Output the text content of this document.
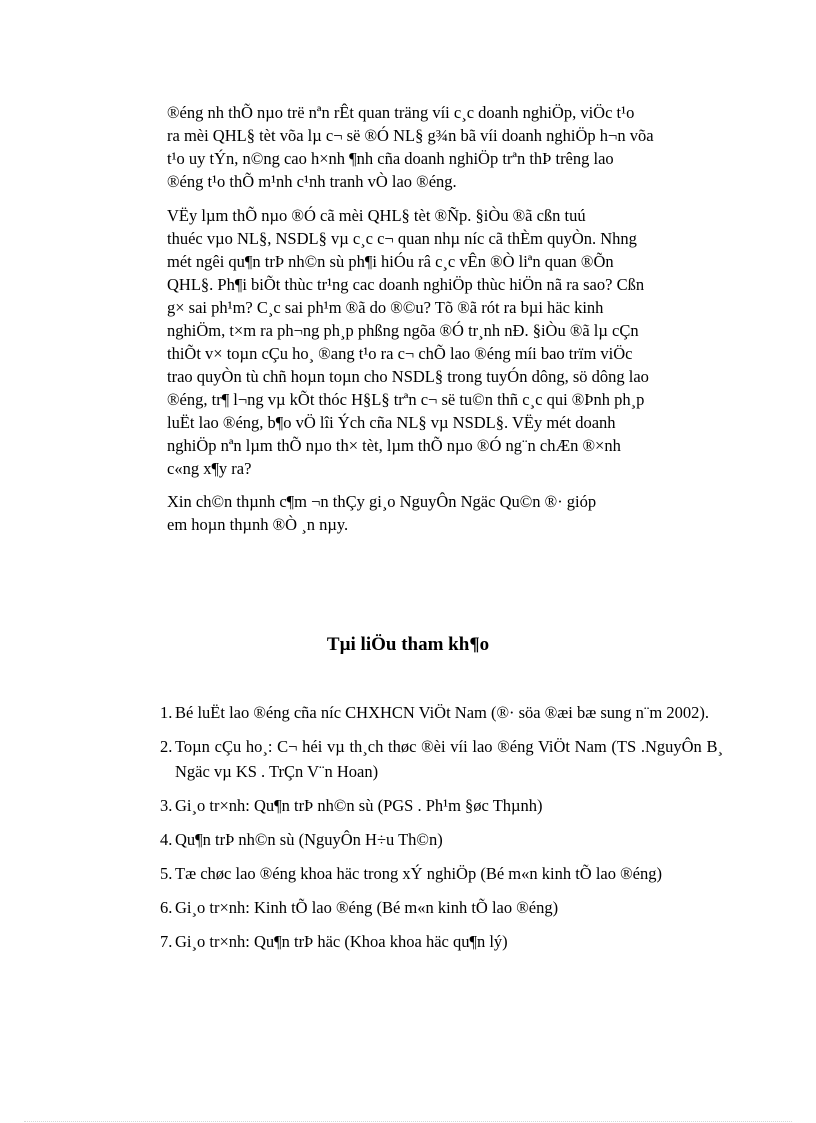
®éng nh thÕ nµo trë nªn rÊt quan träng víi c¸c doanh nghiÖp, viÖc t¹o
ra mèi QHL§ tèt võa lµ c¬ së ®Ó NL§ g¾n bã víi doanh nghiÖp h¬n võa
t¹o uy tÝn, n©ng cao h×nh ¶nh cña doanh nghiÖp trªn thÞ trêng lao
®éng t¹o thÕ m¹nh c¹nh tranh vÒ lao ®éng.
VËy lµm thÕ nµo ®Ó cã mèi QHL§ tèt ®Ñp. §iÒu ®ã cßn tuú
thuéc vµo NL§, NSDL§ vµ c¸c c¬ quan nhµ níc cã thÈm quyÒn. Nhng
mét ngêi qu¶n trÞ nh©n sù ph¶i hiÓu râ c¸c vÊn ®Ò liªn quan ®Õn
QHL§. Ph¶i biÕt thùc tr¹ng cac doanh nghiÖp thùc hiÖn nã ra sao? Cßn
g× sai ph¹m? C¸c sai ph¹m ®ã do ®©u? Tõ ®ã rót ra bµi häc kinh
nghiÖm, t×m ra ph¬ng ph¸p phßng ngõa ®Ó tr¸nh nÐ. §iÒu ®ã lµ cÇn
thiÕt v× toµn cÇu ho¸ ®ang t¹o ra c¬ chÕ lao ®éng míi bao trïm viÖc
trao quyÒn tù chñ hoµn toµn cho NSDL§ trong tuyÓn dông, sö dông lao
®éng, tr¶ l¬ng vµ kÕt thóc H§L§ trªn c¬ së tu©n thñ c¸c qui ®Þnh ph¸p
luËt lao ®éng, b¶o vÖ lîi Ých cña NL§ vµ NSDL§. VËy mét doanh
nghiÖp nªn lµm thÕ nµo th× tèt, lµm thÕ nµo ®Ó ng¨n chÆn ®×nh
c«ng x¶y ra?
Xin ch©n thµnh c¶m ¬n thÇy gi¸o NguyÔn Ngäc Qu©n ®· gióp
em hoµn thµnh ®Ò ¸n nµy.
Tµi liÖu tham kh¶o
1. Bé luËt lao ®éng cña níc CHXHCN ViÖt Nam (®· söa ®æi bæ sung n¨m 2002).
2. Toµn cÇu ho¸: C¬ héi vµ th¸ch thøc ®èi víi lao ®éng ViÖt Nam (TS .NguyÔn B¸ Ngäc vµ KS . TrÇn V¨n Hoan)
3. Gi¸o tr×nh: Qu¶n trÞ nh©n sù (PGS . Ph¹m §øc Thµnh)
4. Qu¶n trÞ nh©n sù (NguyÔn H÷u Th©n)
5. Tæ chøc lao ®éng khoa häc trong xÝ nghiÖp (Bé m«n kinh tÕ lao ®éng)
6. Gi¸o tr×nh: Kinh tÕ lao ®éng (Bé m«n kinh tÕ lao ®éng)
7. Gi¸o tr×nh: Qu¶n trÞ häc (Khoa khoa häc qu¶n lý)
